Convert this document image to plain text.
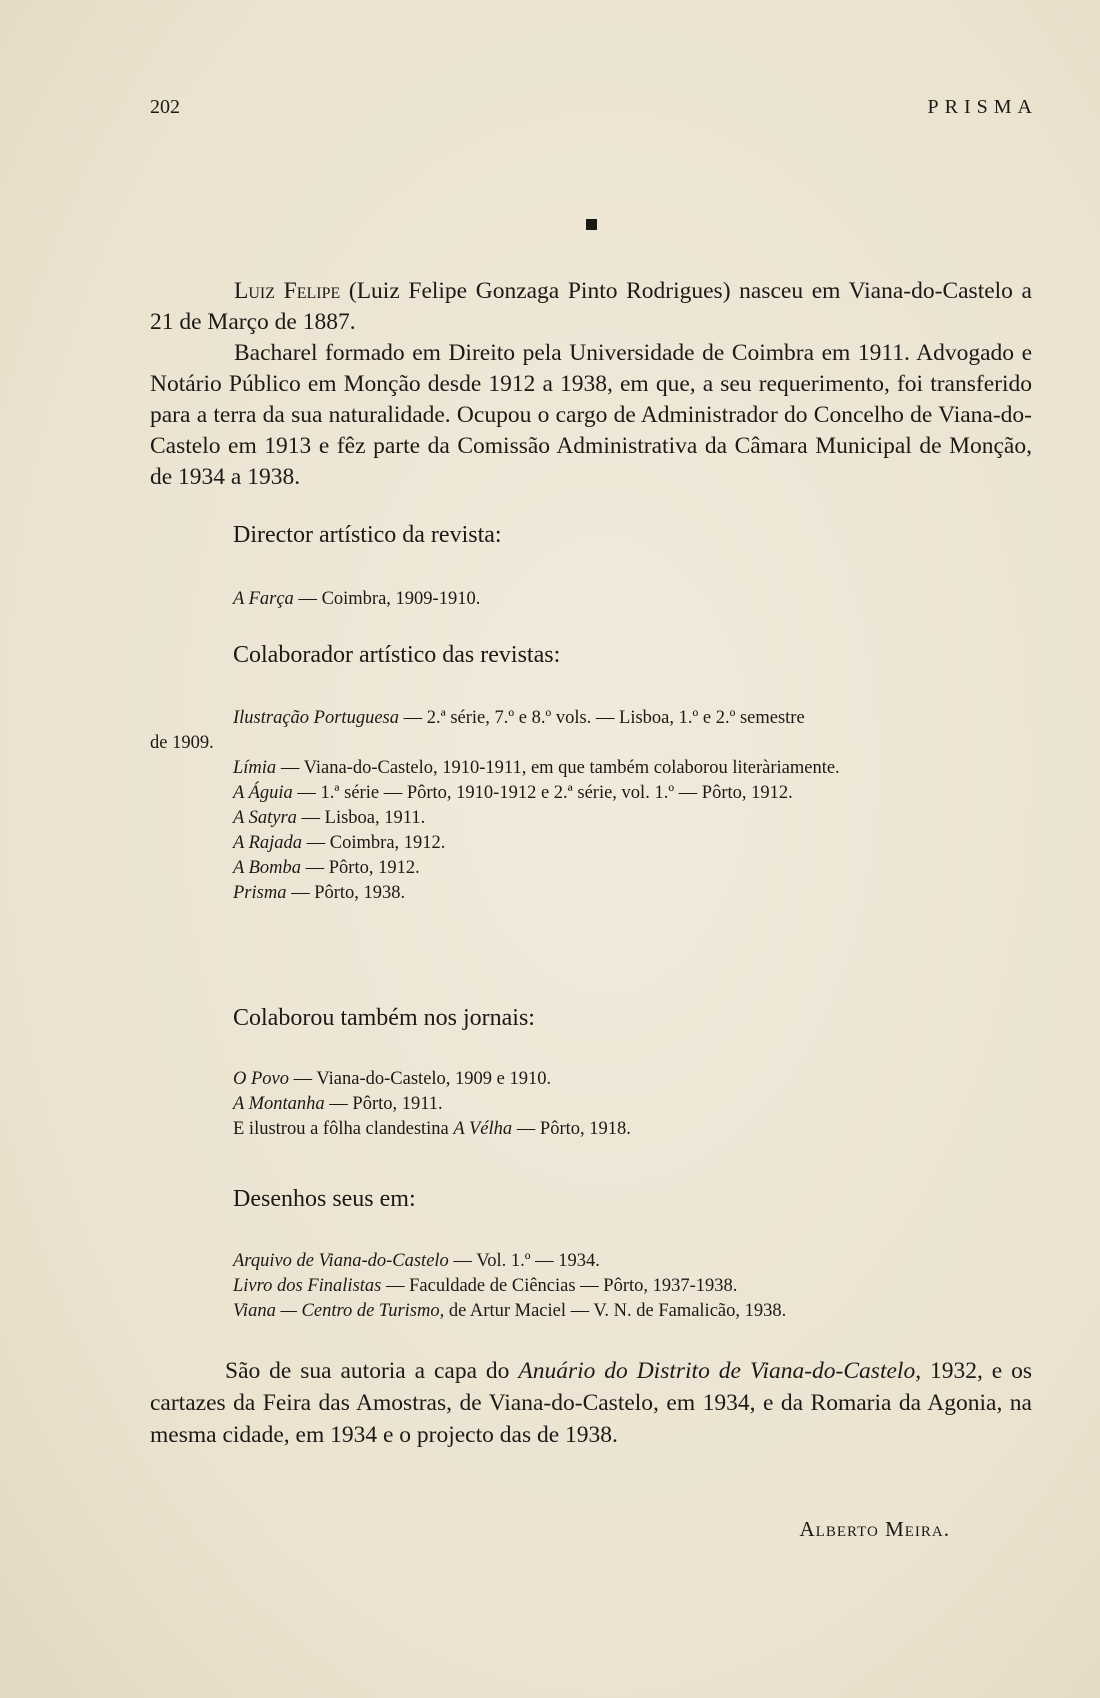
202	PRISMA

Luiz Felipe (Luiz Felipe Gonzaga Pinto Rodrigues) nasceu em Viana-do-Castelo a 21 de Março de 1887.

Bacharel formado em Direito pela Universidade de Coimbra em 1911. Advogado e Notário Público em Monção desde 1912 a 1938, em que, a seu requerimento, foi transferido para a terra da sua naturalidade. Ocupou o cargo de Administrador do Concelho de Viana-do-Castelo em 1913 e fêz parte da Comissão Administrativa da Câmara Municipal de Monção, de 1934 a 1938.

Director artístico da revista:
A Farça — Coimbra, 1909-1910.
Colaborador artístico das revistas:
Ilustração Portuguesa — 2.ª série, 7.º e 8.º vols. — Lisboa, 1.º e 2.º semestre
de 1909.
Límia — Viana-do-Castelo, 1910-1911, em que também colaborou literàriamente.
A Águia — 1.ª série — Pôrto, 1910-1912 e 2.ª série, vol. 1.º — Pôrto, 1912.
A Satyra — Lisboa, 1911.
A Rajada — Coimbra, 1912.
A Bomba — Pôrto, 1912.
Prisma — Pôrto, 1938.
Colaborou também nos jornais:
O Povo — Viana-do-Castelo, 1909 e 1910.
A Montanha — Pôrto, 1911.
E ilustrou a fôlha clandestina A Vélha — Pôrto, 1918.
Desenhos seus em:
Arquivo de Viana-do-Castelo — Vol. 1.º — 1934.
Livro dos Finalistas — Faculdade de Ciências — Pôrto, 1937-1938.
Viana — Centro de Turismo, de Artur Maciel — V. N. de Famalicão, 1938.

São de sua autoria a capa do Anuário do Distrito de Viana-do-Castelo, 1932, e os cartazes da Feira das Amostras, de Viana-do-Castelo, em 1934, e da Romaria da Agonia, na mesma cidade, em 1934 e o projecto das de 1938.

Alberto Meira.
